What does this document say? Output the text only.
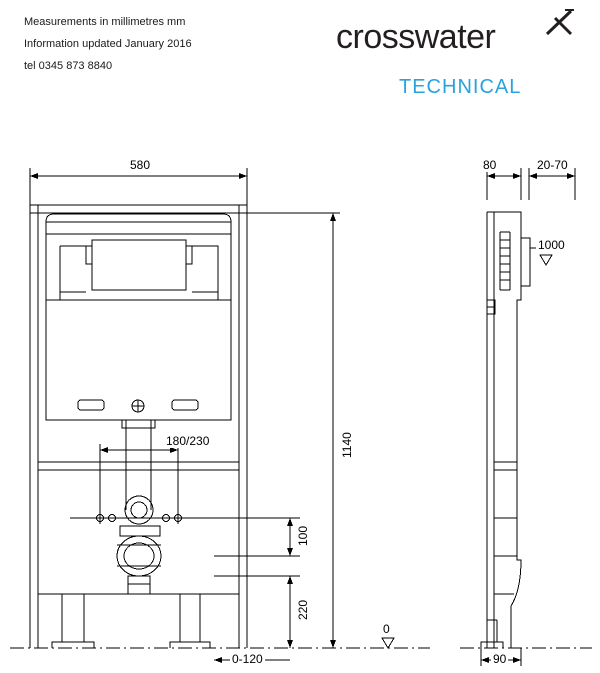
Measurements in millimetres mm
Information updated January 2016
tel 0345 873 8840
crosswater
TECHNICAL
580	80	20-70
1000
180/230	1140
100
220
0
0-120	90
